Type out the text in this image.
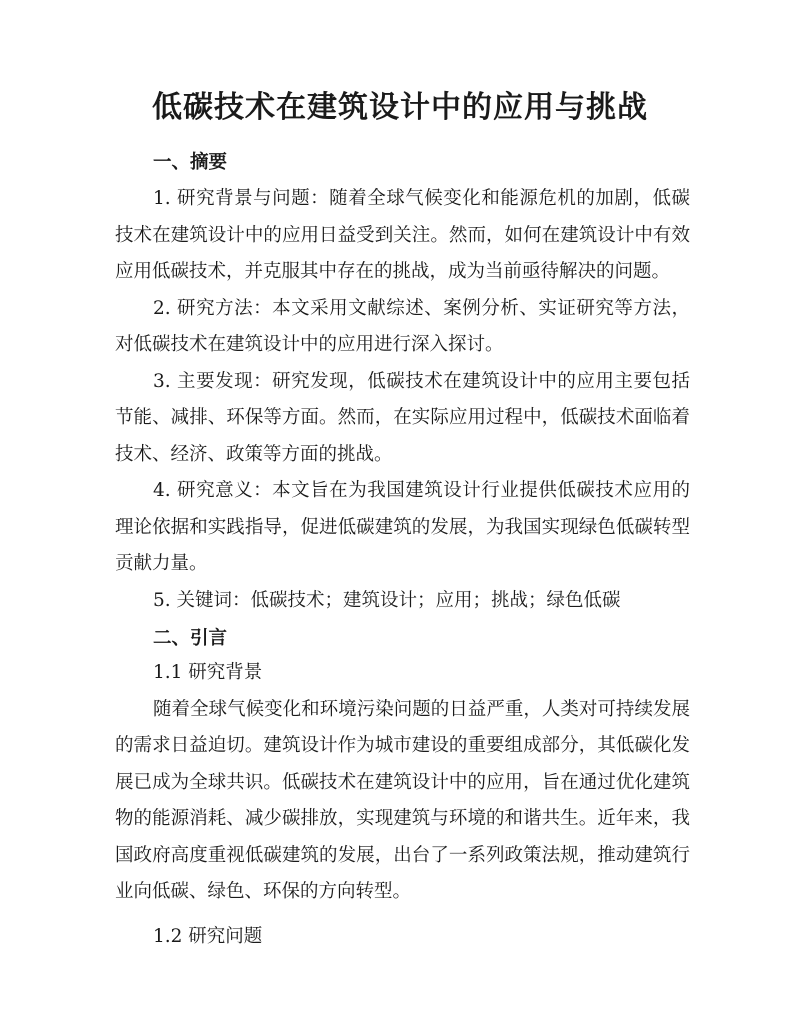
低碳技术在建筑设计中的应用与挑战
一、摘要

1. 研究背景与问题：随着全球气候变化和能源危机的加剧，低碳技术在建筑设计中的应用日益受到关注。然而，如何在建筑设计中有效应用低碳技术，并克服其中存在的挑战，成为当前亟待解决的问题。

2. 研究方法：本文采用文献综述、案例分析、实证研究等方法，对低碳技术在建筑设计中的应用进行深入探讨。

3. 主要发现：研究发现，低碳技术在建筑设计中的应用主要包括节能、减排、环保等方面。然而，在实际应用过程中，低碳技术面临着技术、经济、政策等方面的挑战。

4. 研究意义：本文旨在为我国建筑设计行业提供低碳技术应用的理论依据和实践指导，促进低碳建筑的发展，为我国实现绿色低碳转型贡献力量。

5. 关键词：低碳技术；建筑设计；应用；挑战；绿色低碳

二、引言

1.1 研究背景

随着全球气候变化和环境污染问题的日益严重，人类对可持续发展的需求日益迫切。建筑设计作为城市建设的重要组成部分，其低碳化发展已成为全球共识。低碳技术在建筑设计中的应用，旨在通过优化建筑物的能源消耗、减少碳排放，实现建筑与环境的和谐共生。近年来，我国政府高度重视低碳建筑的发展，出台了一系列政策法规，推动建筑行业向低碳、绿色、环保的方向转型。

1.2 研究问题
